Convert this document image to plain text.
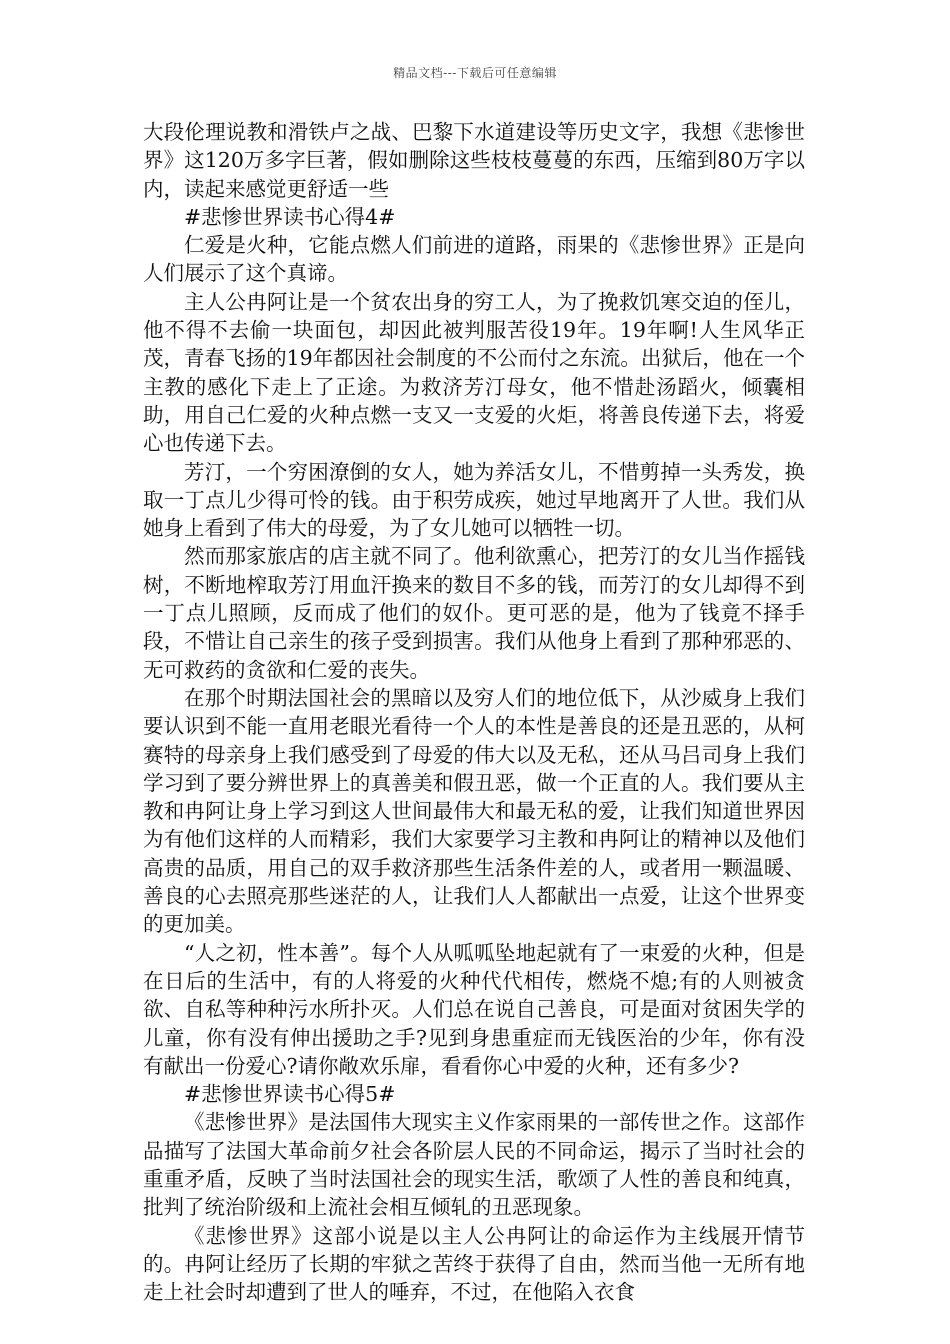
精品文档---下载后可任意编辑

大段伦理说教和滑铁卢之战、巴黎下水道建设等历史文字，我想《悲惨世界》这120万多字巨著，假如删除这些枝枝蔓蔓的东西，压缩到80万字以内，读起来感觉更舒适一些

#悲惨世界读书心得4#

仁爱是火种，它能点燃人们前进的道路，雨果的《悲惨世界》正是向人们展示了这个真谛。

主人公冉阿让是一个贫农出身的穷工人，为了挽救饥寒交迫的侄儿，他不得不去偷一块面包，却因此被判服苦役19年。19年啊!人生风华正茂，青春飞扬的19年都因社会制度的不公而付之东流。出狱后，他在一个主教的感化下走上了正途。为救济芳汀母女，他不惜赴汤蹈火，倾囊相助，用自己仁爱的火种点燃一支又一支爱的火炬，将善良传递下去，将爱心也传递下去。

芳汀，一个穷困潦倒的女人，她为养活女儿，不惜剪掉一头秀发，换取一丁点儿少得可怜的钱。由于积劳成疾，她过早地离开了人世。我们从她身上看到了伟大的母爱，为了女儿她可以牺牲一切。

然而那家旅店的店主就不同了。他利欲熏心，把芳汀的女儿当作摇钱树，不断地榨取芳汀用血汗换来的数目不多的钱，而芳汀的女儿却得不到一丁点儿照顾，反而成了他们的奴仆。更可恶的是，他为了钱竟不择手段，不惜让自己亲生的孩子受到损害。我们从他身上看到了那种邪恶的、无可救药的贪欲和仁爱的丧失。

在那个时期法国社会的黑暗以及穷人们的地位低下，从沙威身上我们要认识到不能一直用老眼光看待一个人的本性是善良的还是丑恶的，从柯赛特的母亲身上我们感受到了母爱的伟大以及无私，还从马吕司身上我们学习到了要分辨世界上的真善美和假丑恶，做一个正直的人。我们要从主教和冉阿让身上学习到这人世间最伟大和最无私的爱，让我们知道世界因为有他们这样的人而精彩，我们大家要学习主教和冉阿让的精神以及他们高贵的品质，用自己的双手救济那些生活条件差的人，或者用一颗温暖、善良的心去照亮那些迷茫的人，让我们人人都献出一点爱，让这个世界变的更加美。

“人之初，性本善”。每个人从呱呱坠地起就有了一束爱的火种，但是在日后的生活中，有的人将爱的火种代代相传，燃烧不熄;有的人则被贪欲、自私等种种污水所扑灭。人们总在说自己善良，可是面对贫困失学的儿童，你有没有伸出援助之手?见到身患重症而无钱医治的少年，你有没有献出一份爱心?请你敞欢乐扉，看看你心中爱的火种，还有多少?

#悲惨世界读书心得5#

《悲惨世界》是法国伟大现实主义作家雨果的一部传世之作。这部作品描写了法国大革命前夕社会各阶层人民的不同命运，揭示了当时社会的重重矛盾，反映了当时法国社会的现实生活，歌颂了人性的善良和纯真，批判了统治阶级和上流社会相互倾轧的丑恶现象。

《悲惨世界》这部小说是以主人公冉阿让的命运作为主线展开情节的。冉阿让经历了长期的牢狱之苦终于获得了自由，然而当他一无所有地走上社会时却遭到了世人的唾弃，不过，在他陷入衣食
